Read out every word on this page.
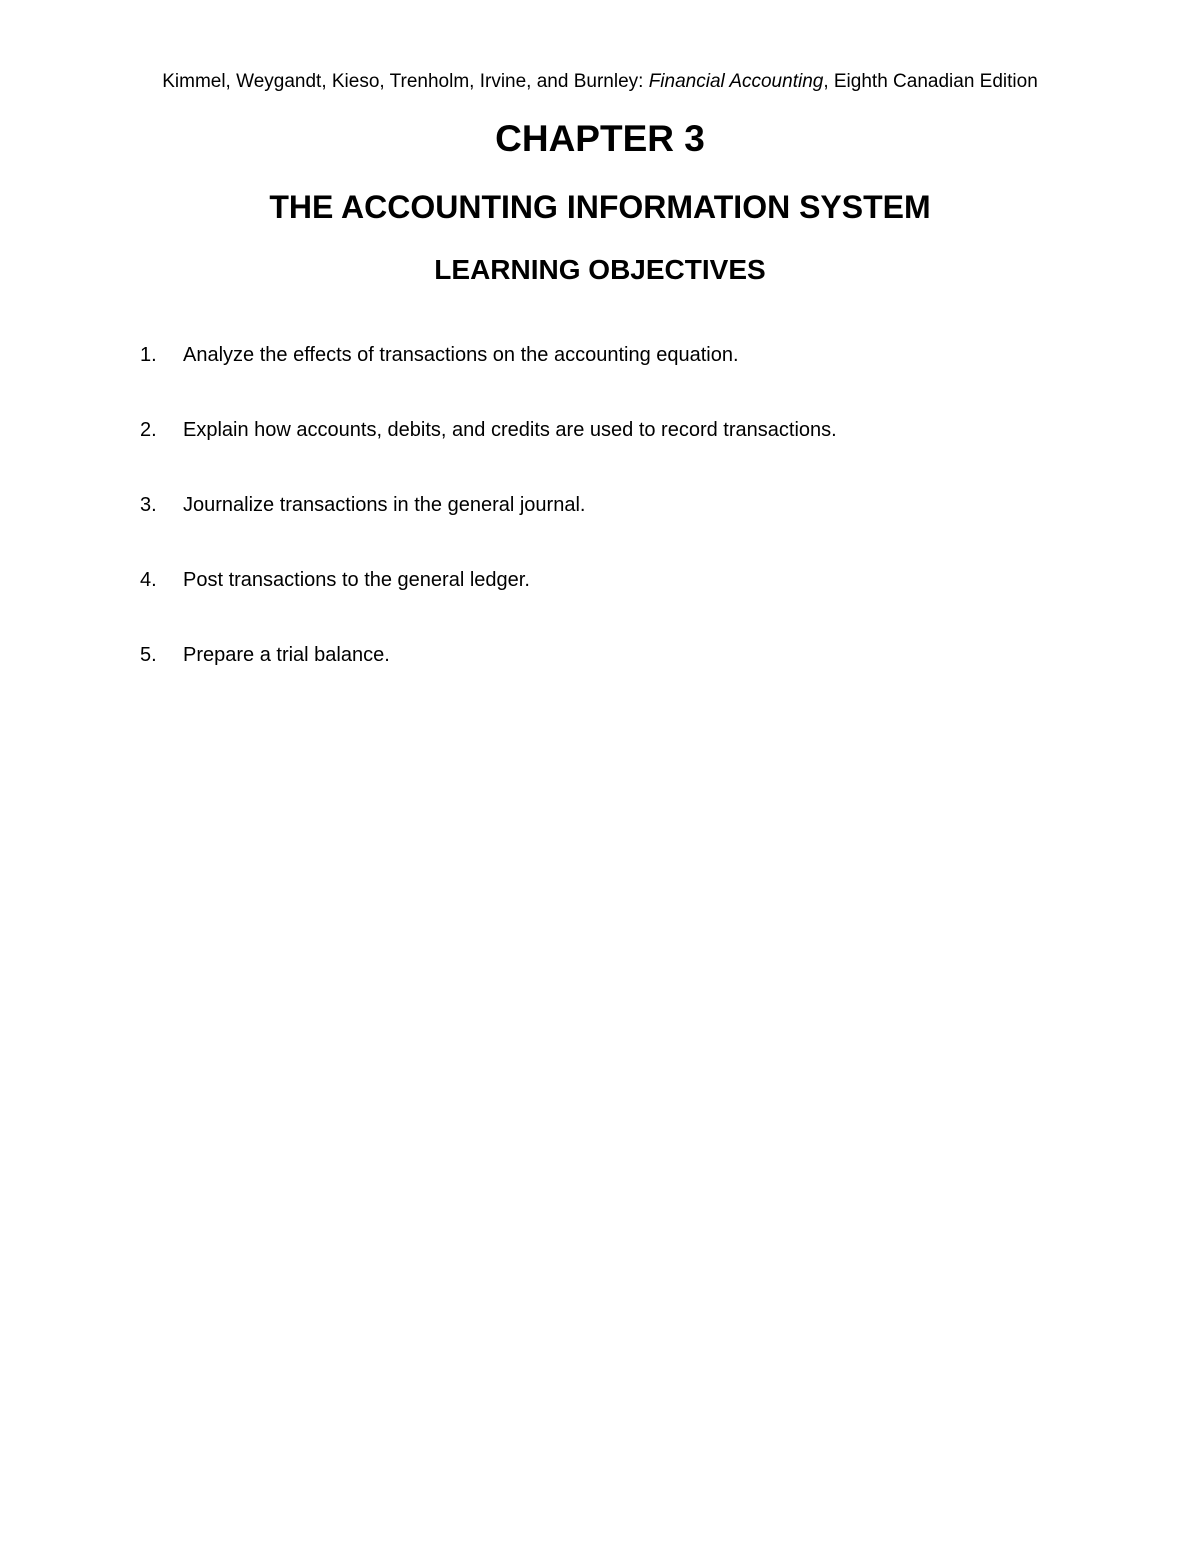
Kimmel, Weygandt, Kieso, Trenholm, Irvine, and Burnley: Financial Accounting, Eighth Canadian Edition
CHAPTER 3
THE ACCOUNTING INFORMATION SYSTEM
LEARNING OBJECTIVES
1.	Analyze the effects of transactions on the accounting equation.
2.	Explain how accounts, debits, and credits are used to record transactions.
3.	Journalize transactions in the general journal.
4.	Post transactions to the general ledger.
5.	Prepare a trial balance.
